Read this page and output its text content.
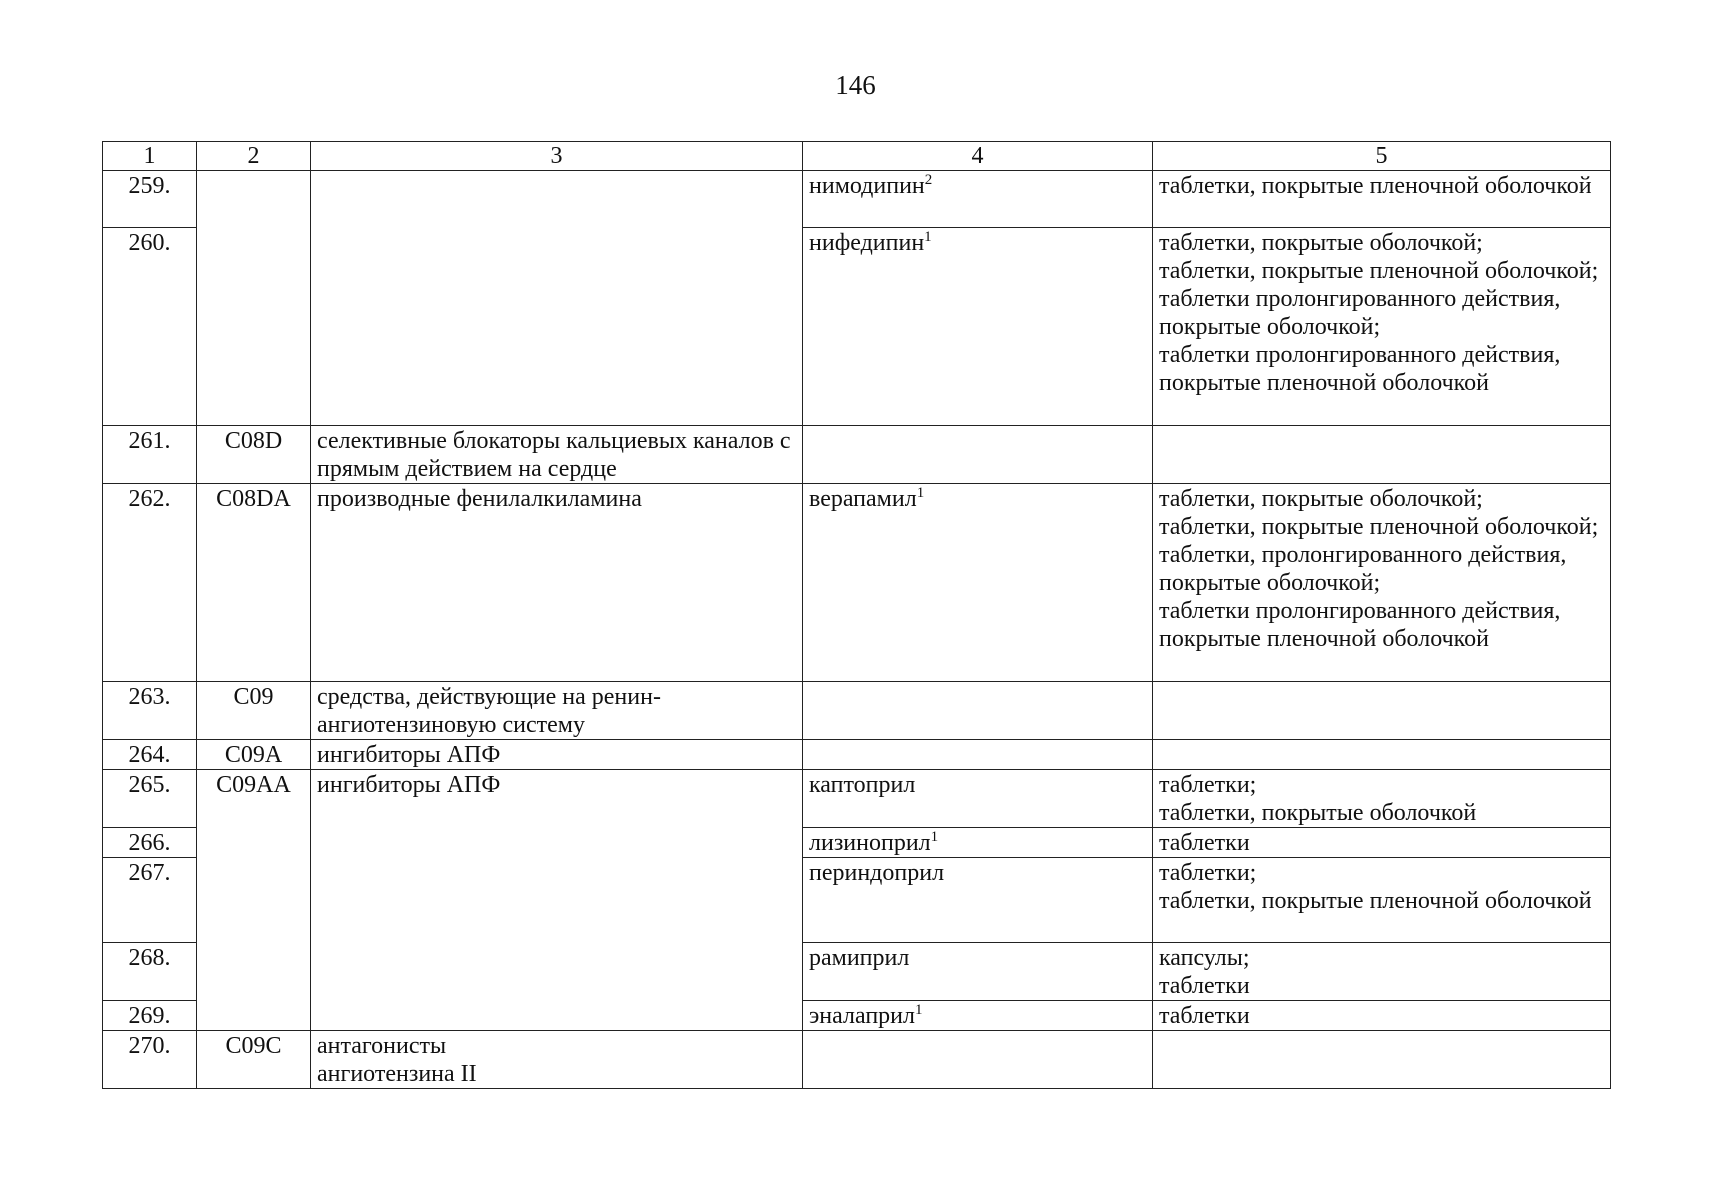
146
1	2	3	4	5
259.			нимодипин$^2$	таблетки, покрытые пленочной оболочкой

260.			нифедипин$^1$	таблетки, покрытые оболочкой;
таблетки, покрытые пленочной оболочкой;
таблетки пролонгированного действия, покрытые оболочкой;
таблетки пролонгированного действия, покрытые пленочной оболочкой

261.	C08D	селективные блокаторы кальциевых каналов с прямым действием на сердце		
262.	C08DA	производные фенилалкиламина	верапамил$^1$	таблетки, покрытые оболочкой;
таблетки, покрытые пленочной оболочкой;
таблетки, пролонгированного действия, покрытые оболочкой;
таблетки пролонгированного действия, покрытые пленочной оболочкой

263.	C09	средства, действующие на ренин-ангиотензиновую систему		
264.	C09A	ингибиторы АПФ		
265.	C09AA	ингибиторы АПФ	каптоприл	таблетки;
таблетки, покрытые оболочкой

266.			лизиноприл$^1$	таблетки

267.			периндоприл	таблетки;
таблетки, покрытые пленочной оболочкой

268.			рамиприл	капсулы;
таблетки

269.			эналаприл$^1$	таблетки

270.	C09C	антагонисты ангиотензина II		
